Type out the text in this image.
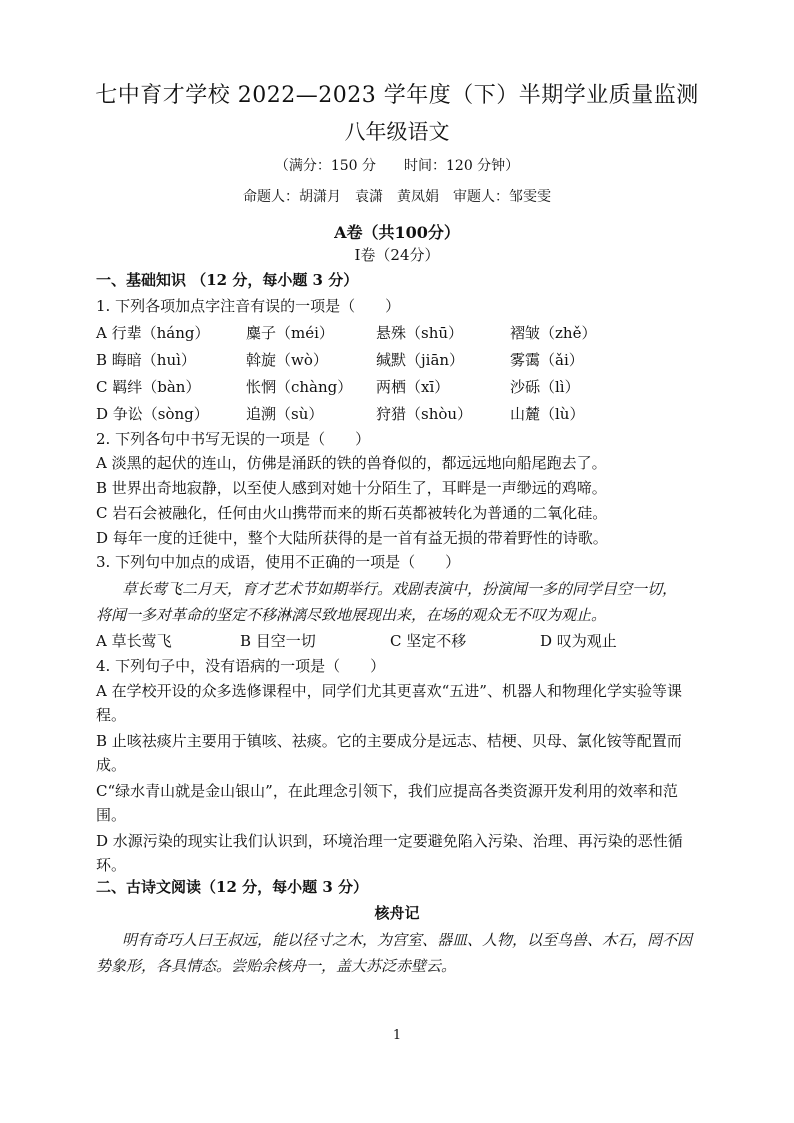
七中育才学校 2022—2023 学年度（下）半期学业质量监测
八年级语文
（满分：150 分　　时间：120 分钟）
命题人：胡潇月　袁潇　黄凤娟　审题人：邹雯雯
A卷（共100分）
I卷（24分）
一、基础知识 （12 分，每小题 3 分）
1. 下列各项加点字注音有误的一项是（　　）
A 行辈（háng） 麋子（méi）	悬殊（shū）	褶皱（zhě）
B 晦暗（huì）	斡旋（wò）	缄默（jiān）	雾霭（ǎi）
C 羁绊（bàn）	怅惘（chàng） 两栖（xī）	沙砾（lì）
D 争讼（sòng） 追溯（sù）	狩猎（shòu）	山麓（lù）
2. 下列各句中书写无误的一项是（　　）
A 淡黑的起伏的连山，仿佛是涌跃的铁的兽脊似的，都远远地向船尾跑去了。
B 世界出奇地寂静，以至使人感到对她十分陌生了，耳畔是一声缈远的鸡啼。
C 岩石会被融化，任何由火山携带而来的斯石英都被转化为普通的二氧化硅。
D 每年一度的迁徙中，整个大陆所获得的是一首有益无损的带着野性的诗歌。
3. 下列句中加点的成语，使用不正确的一项是（　　）
草长莺飞二月天，育才艺术节如期举行。戏剧表演中，扮演闻一多的同学目空一切，
将闻一多对革命的坚定不移淋漓尽致地展现出来，在场的观众无不叹为观止。
A 草长莺飞	B 目空一切	C 坚定不移	D 叹为观止
4. 下列句子中，没有语病的一项是（　　）
A 在学校开设的众多选修课程中，同学们尤其更喜欢“五进”、机器人和物理化学实验等课
程。
B 止咳祛痰片主要用于镇咳、祛痰。它的主要成分是远志、桔梗、贝母、氯化铵等配置而
成。
C“绿水青山就是金山银山”，在此理念引领下，我们应提高各类资源开发利用的效率和范
围。
D 水源污染的现实让我们认识到，环境治理一定要避免陷入污染、治理、再污染的恶性循
环。
二、古诗文阅读（12 分，每小题 3 分）
核舟记
明有奇巧人曰王叔远，能以径寸之木，为宫室、器皿、人物，以至鸟兽、木石，罔不因
势象形，各具情态。尝贻余核舟一，盖大苏泛赤壁云。
1
